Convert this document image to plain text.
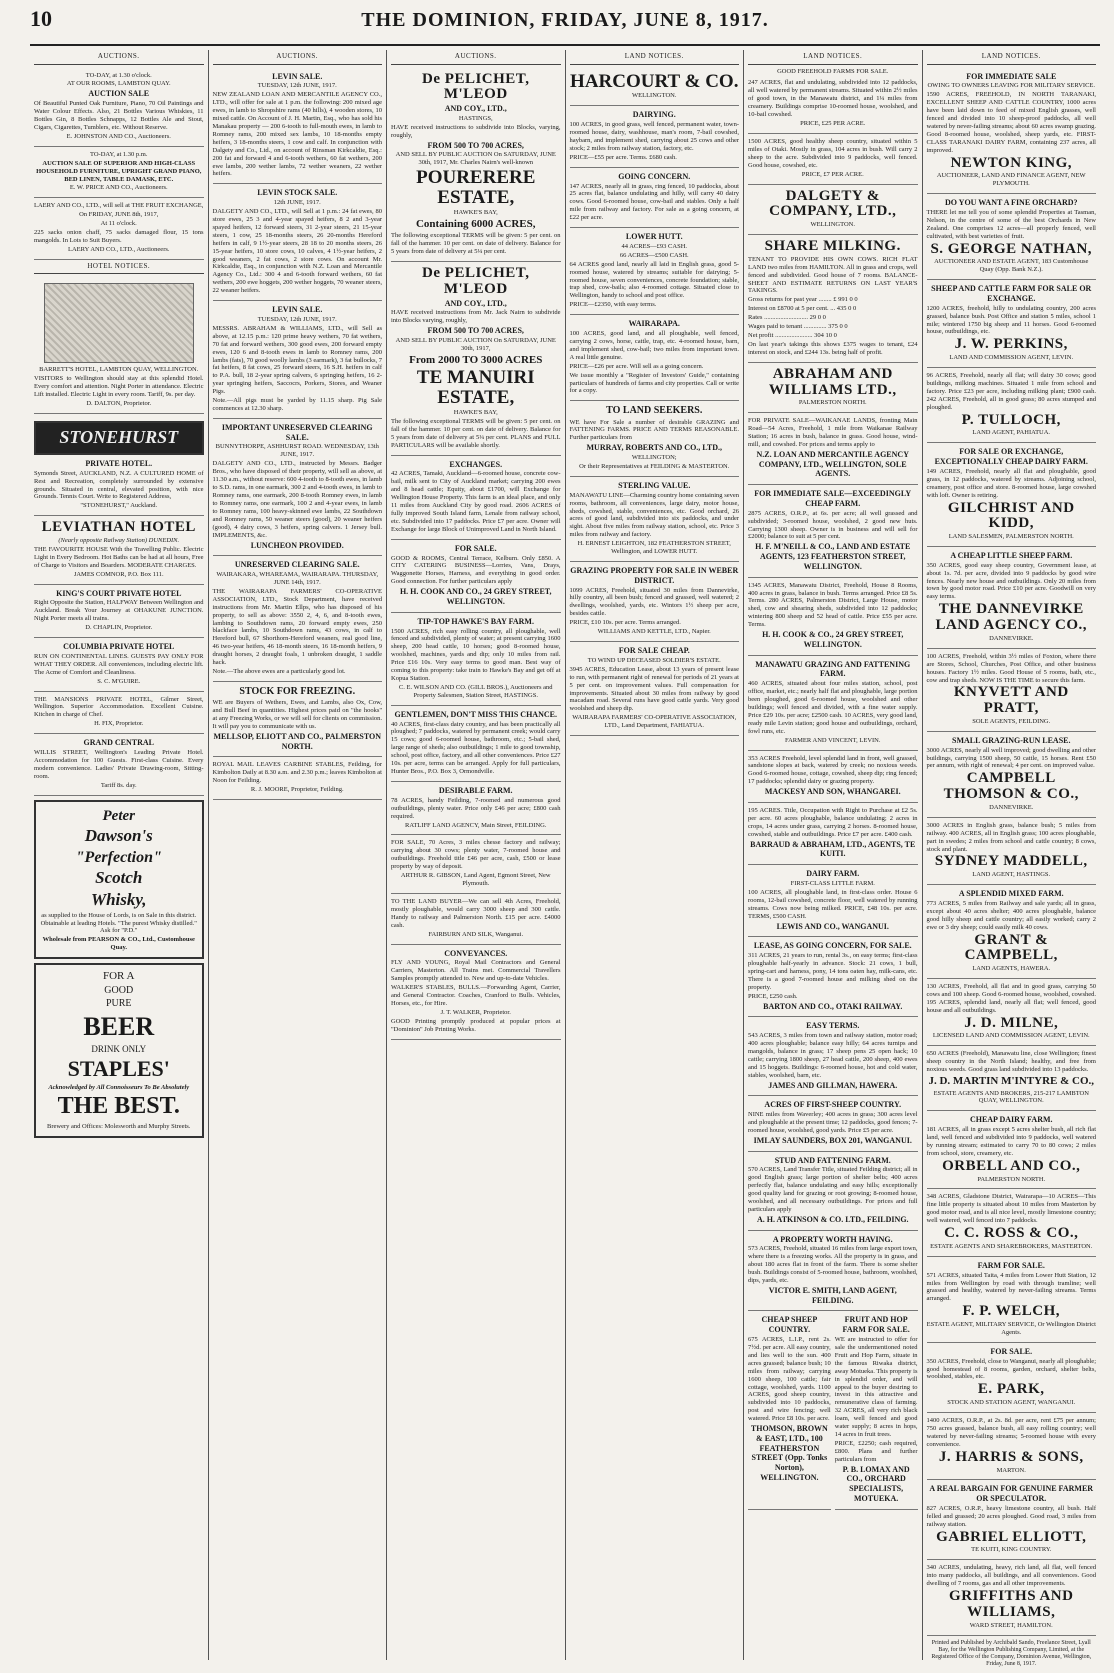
10	THE DOMINION, FRIDAY, JUNE 8, 1917.
AUCTIONS.

TO-DAY, at 1.30 o'clock.

AT OUR ROOMS, LAMBTON QUAY.

AUCTION SALE

Of Beautiful Punted Oak Furniture, Piano, 70 Oil Paintings and Water Colour Effects. Also, 21 Bottles Various Whiskies, 11 Bottles Gin, 8 Bottles Schnapps, 12 Bottles Ale and Stout, Cigars, Cigarettes, Tumblers, etc. Without Reserve.

E. JOHNSTON AND CO., Auctioneers.

TO-DAY, at 1.30 p.m.

AUCTION SALE OF SUPERIOR AND HIGH-CLASS HOUSEHOLD FURNITURE, UPRIGHT GRAND PIANO, BED LINEN, TABLE DAMASK, ETC.

E. W. PRICE AND CO., Auctioneers.

LAERY AND CO., LTD., will sell at THE FRUIT EXCHANGE,

On FRIDAY, JUNE 8th, 1917,

At 11 o'clock.

225 sacks onion chaff, 75 sacks damaged flour, 15 tons mangolds. In Lots to Suit Buyers.

LAERY AND CO., LTD., Auctioneers.

HOTEL NOTICES.

BARRETT'S HOTEL, LAMBTON QUAY, WELLINGTON.

VISITORS to Wellington should stay at this splendid Hotel. Every comfort and attention. Night Porter in attendance. Electric Lift installed. Electric Light in every room. Tariff, 9s. per day.

D. DALTON, Proprietor.

STONEHURST

PRIVATE HOTEL.

Symonds Street, AUCKLAND, N.Z. A CULTURED HOME of Rest and Recreation, completely surrounded by extensive grounds. Situated in central, elevated position, with nice Grounds. Tennis Court. Write to Registered Address,

"STONEHURST," Auckland.

LEVIATHAN HOTEL

(Nearly opposite Railway Station) DUNEDIN.

THE FAVOURITE HOUSE With the Travelling Public. Electric Light in Every Bedroom. Hot Baths can be had at all hours, Free of Charge to Visitors and Boarders. MODERATE CHARGES.

JAMES COMNOR, P.O. Box 111.

KING'S COURT PRIVATE HOTEL

Right Opposite the Station, HALFWAY Between Wellington and Auckland. Break Your Journey at OHAKUNE JUNCTION. Night Porter meets all trains.

D. CHAPLIN, Proprietor.

COLUMBIA PRIVATE HOTEL

RUN ON CONTINENTAL LINES. GUESTS PAY ONLY FOR WHAT THEY ORDER. All conveniences, including electric lift. The Acme of Comfort and Cleanliness.

S. C. M'GUIRE.

THE MANSIONS PRIVATE HOTEL, Gilmer Street, Wellington. Superior Accommodation. Excellent Cuisine. Kitchen in charge of Chef.

H. FIX, Proprietor.

GRAND CENTRAL

WILLIS STREET, Wellington's Leading Private Hotel. Accommodation for 100 Guests. First-class Cuisine. Every modern convenience. Ladies' Private Drawing-room, Sitting-room.

Tariff 8s. day.

Peter

Dawson's

"Perfection"

Scotch

Whisky,

as supplied to the House of Lords, is on Sale in this district. Obtainable at leading Hotels. "The purest Whisky distilled." Ask for "P.D."

Wholesale from PEARSON & CO., Ltd., Customhouse Quay.

FOR A

GOOD

PURE

BEER

DRINK ONLY

STAPLES'

Acknowledged by All Connoisseurs To Be Absolutely

THE BEST.

Brewery and Offices: Molesworth and Murphy Streets.

AUCTIONS.

LEVIN SALE.

TUESDAY, 12th JUNE, 1917.

NEW ZEALAND LOAN AND MERCANTILE AGENCY CO., LTD., will offer for sale at 1 p.m. the following: 200 mixed age ewes, in lamb to Shropshire rams (40 hills), 4 wooden stores, 10 mixed cattle. On Account of J. H. Martin, Esq., who has sold his Manakau property — 200 6-tooth to full-mouth ewes, in lamb to Romney rams, 200 mixed sex lambs, 10 18-months empty heifers, 3 18-months steers, 1 cow and calf. In conjunction with Dalgety and Co., Ltd., on account of Rinsman Kirkcaldie, Esq.: 200 fat and forward 4 and 6-tooth wethers, 60 fat wethers, 200 ewe lambs, 200 wether lambs, 72 wether weaners, 22 wether heifers.

LEVIN STOCK SALE.

12th JUNE, 1917.

DALGETY AND CO., LTD., will Sell at 1 p.m.: 24 fat ewes, 80 store ewes, 25 3 and 4-year spayed heifers, 8 2 and 3-year spayed heifers, 12 forward steers, 31 2-year steers, 21 15-year steers, 1 cow, 25 18-months steers, 26 20-months Hereford heifers in calf, 9 1½-year steers, 28 18 to 20 months steers, 26 15-year heifers, 10 store cows, 10 calves, 4 1½-year heifers, 2 good weaners, 2 fat cows, 2 store cows. On account Mr. Kirkcaldie, Esq., in conjunction with N.Z. Loan and Mercantile Agency Co., Ltd.: 300 4 and 6-tooth forward wethers, 60 fat wethers, 200 ewe hoggets, 200 wether hoggets, 70 weaner steers, 22 weaner heifers.

LEVIN SALE.

TUESDAY, 12th JUNE, 1917.

MESSRS. ABRAHAM & WILLIAMS, LTD., will Sell as above, at 12.15 p.m.: 120 prime heavy wethers, 70 fat wethers, 70 fat and forward wethers, 300 good ewes, 200 forward empty ewes, 120 6 and 8-tooth ewes in lamb to Romney rams, 200 lambs (fats), 70 good woolly lambs (3 earmark), 3 fat bullocks, 7 fat heifers, 8 fat cows, 25 forward steers, 16 S.H. heifers in calf to P.A. bull, 18 2-year spring calvers, 6 springing heifers, 16 2-year springing heifers, Saccocrs, Porkers, Stores, and Weaner Pigs.

Note.—All pigs must be yarded by 11.15 sharp. Pig Sale commences at 12.30 sharp.

IMPORTANT UNRESERVED CLEARING SALE.

BUNNYTHORPE, ASHHURST ROAD. WEDNESDAY, 13th JUNE, 1917.

DALGETY AND CO., LTD., instructed by Messrs. Badger Bros., who have disposed of their property, will sell as above, at 11.30 a.m., without reserve: 600 4-tooth to 8-tooth ewes, in lamb to S.D. rams, in one earmark, 300 2 and 4-tooth ewes, in lamb to Romney rams, one earmark, 200 8-tooth Romney ewes, in lamb to Romney rams, one earmark, 100 2 and 4-year ewes, in lamb to Romney rams, 100 heavy-skinned ewe lambs, 22 Southdown and Romney rams, 50 weaner steers (good), 20 weaner heifers (good), 4 dairy cows, 3 heifers, spring calvers. 1 Jersey bull. IMPLEMENTS, &c.

LUNCHEON PROVIDED.

UNRESERVED CLEARING SALE.

WAIRAKARA, WHAREAMA, WAIRARAPA. THURSDAY, JUNE 14th, 1917.

THE WAIRARAPA FARMERS' CO-OPERATIVE ASSOCIATION, LTD., Stock Department, have received instructions from Mr. Martin Ellps, who has disposed of his property, to sell as above: 3550 2, 4, 6, and 8-tooth ewes, lambing to Southdown rams, 20 forward empty ewes, 250 blackface lambs, 10 Southdown rams, 43 cows, in calf to Hereford bull, 67 Shorthorn-Hereford weaners, real good line, 46 two-year heifers, 46 18-month steers, 16 18-month heifers, 9 draught horses, 2 draught foals, 1 unbroken draught, 1 saddle hack.

Note.—The above ewes are a particularly good lot.

STOCK FOR FREEZING.

WE are Buyers of Wethers, Ewes, and Lambs, also Ox, Cow, and Bull Beef in quantities. Highest prices paid on "the hooks" at any Freezing Works, or we will sell for clients on commission. It will pay you to communicate with us.

MELLSOP, ELIOTT AND CO., PALMERSTON NORTH.

ROYAL MAIL LEAVES CARBINE STABLES, Feilding, for Kimbolton Daily at 8.30 a.m. and 2.30 p.m.; leaves Kimbolton at Noon for Feilding.

R. J. MOORE, Proprietor, Feilding.

AUCTIONS.

De PELICHET, M'LEOD

AND COY., LTD.,

HASTINGS,

HAVE received instructions to subdivide into Blocks, varying, roughly,

FROM 500 TO 700 ACRES,

AND SELL BY PUBLIC AUCTION On SATURDAY, JUNE 30th, 1917, Mr. Charles Nairn's well-known

POURERERE ESTATE,

HAWKE'S BAY,

Containing 6000 ACRES,

The following exceptional TERMS will be given: 5 per cent. on fall of the hammer. 10 per cent. on date of delivery. Balance for 5 years from date of delivery at 5¼ per cent.

De PELICHET, M'LEOD

AND COY., LTD.,

HAVE received instructions from Mr. Jack Nairn to subdivide into Blocks varying, roughly,

FROM 500 TO 700 ACRES,

AND SELL BY PUBLIC AUCTION On SATURDAY, JUNE 30th, 1917,

From 2000 TO 3000 ACRES

TE MANUIRI ESTATE,

HAWKE'S BAY,

The following exceptional TERMS will be given: 5 per cent. on fall of the hammer. 10 per cent. on date of delivery. Balance for 5 years from date of delivery at 5¼ per cent. PLANS and FULL PARTICULARS will be available shortly.

EXCHANGES.

42 ACRES, Tamaki, Auckland—6-roomed house, concrete cow-bail, milk sent to City of Auckland market; carrying 200 ewes and 8 head cattle; Equity, about £1700, will Exchange for Wellington House Property. This farm is an ideal place, and only 11 miles from Auckland City by good road. 2606 ACRES of fully improved South Island farm, Lenale from railway school, etc. Subdivided into 17 paddocks. Price £7 per acre. Owner will Exchange for large Block of Unimproved Land in North Island.

FOR SALE.

GOOD & ROOMS, Central Terrace, Kelburn. Only £850. A CITY CATERING BUSINESS—Lorries, Vans, Drays, Waggonette Horses, Harness, and everything in good order. Good connection. For further particulars apply

H. H. COOK AND CO., 24 GREY STREET, WELLINGTON.

TIP-TOP HAWKE'S BAY FARM.

1500 ACRES, rich easy rolling country, all ploughable, well fenced and subdivided, plenty of water; at present carrying 1600 sheep, 200 head cattle, 10 horses; good 8-roomed house, woolshed, machines, yards and dip; only 10 miles from rail. Price £16 10s. Very easy terms to good man. Best way of coming to this property: take train to Hawke's Bay and get off at Kopua Station.

C. E. WILSON AND CO. (GILL BROS.), Auctioneers and Property Salesmen, Station Street, HASTINGS.

GENTLEMEN, DON'T MISS THIS CHANCE.

40 ACRES, first-class dairy country, and has been practically all ploughed; 7 paddocks, watered by permanent creek; would carry 15 cows; good 6-roomed house, bathroom, etc.; 5-bail shed, large range of sheds; also outbuildings; 1 mile to good township, school, post office, factory, and all other conveniences. Price £27 10s. per acre, terms can be arranged. Apply for full particulars, Hunter Bros., P.O. Box 3, Ormondville.

DESIRABLE FARM.

78 ACRES, handy Feilding, 7-roomed and numerous good outbuildings, plenty water. Price only £46 per acre; £800 cash required.

RATLIFF LAND AGENCY, Main Street, FEILDING.

FOR SALE, 70 Acres, 3 miles chesse factory and railway; carrying about 30 cows; plenty water, 7-roomed house and outbuildings. Freehold title £46 per acre, cash, £500 or lease property by way of deposit.

ARTHUR R. GIBSON, Land Agent, Egmont Street, New Plymouth.

TO THE LAND BUYER—We can sell 4th Acres, Freehold, mostly ploughable, would carry 3000 sheep and 300 cattle. Handy to railway and Palmerston North. £15 per acre. £4000 cash.

FAIRBURN AND SILK, Wanganui.

CONVEYANCES.

FLY AND YOUNG, Royal Mail Contractors and General Carriers, Masterton. All Trains met. Commercial Travellers Samples promptly attended to. New and up-to-date Vehicles.

WALKER'S STABLES, BULLS.—Forwarding Agent, Carrier, and General Contractor. Coaches, Cranford to Bulls. Vehicles, Horses, etc., for Hire.

J. T. WALKER, Proprietor.

GOOD Printing promptly produced at popular prices at "Dominion" Job Printing Works.

LAND NOTICES.

HARCOURT & CO.

WELLINGTON.

DAIRYING.

100 ACRES, in good grass, well fenced, permanent water, town-roomed house, dairy, washhouse, man's room, 7-bail cowshed, haybarn, and implement shed, carrying about 25 cows and other stock; 2 miles from railway station, factory, etc.

PRICE—£55 per acre. Terms. £680 cash.

GOING CONCERN.

147 ACRES, nearly all in grass, ring fenced, 10 paddocks, about 25 acres flat, balance undulating and hilly, will carry 40 dairy cows. Good 6-roomed house, cow-bail and stables. Only a half mile from railway and factory. For sale as a going concern, at £22 per acre.

LOWER HUTT.

44 ACRES—£93 CASH.

66 ACRES—£500 CASH.

64 ACRES good land, nearly all laid in English grass, good 5-roomed house, watered by streams; suitable for dairying; 5-roomed house, seven conveniences, concrete foundation; stable, trap shed, cow-bails; also 4-roomed cottage. Situated close to Wellington, handy to school and post office.

PRICE—£2350, with easy terms.

WAIRARAPA.

100 ACRES, good land, and all ploughable, well fenced, carrying 2 cows, horse, cattle, trap, etc. 4-roomed house, barn, and implement shed, cow-bail; two miles from important town. A real little genuine.

PRICE—£26 per acre. Will sell as a going concern.

We issue monthly a "Register of Investors' Guide," containing particulars of hundreds of farms and city properties. Call or write for a copy.

TO LAND SEEKERS.

WE have For Sale a number of desirable GRAZING and FATTENING FARMS. PRICE AND TERMS REASONABLE. Further particulars from

MURRAY, ROBERTS AND CO., LTD.,

WELLINGTON;

Or their Representatives at FEILDING & MASTERTON.

STERLING VALUE.

MANAWATU LINE—Charming country home containing seven rooms, bathroom, all conveniences, large dairy, motor house, sheds, cowshed, stable, conveniences, etc. Good orchard, 26 acres of good land, subdivided into six paddocks, and under sight. About five miles from railway station, school, etc. Price 3 miles from railway and factory.

H. ERNEST LEIGHTON, 182 FEATHERSTON STREET, Wellington, and LOWER HUTT.

GRAZING PROPERTY FOR SALE IN WEBER DISTRICT.

1099 ACRES, Freehold, situated 30 miles from Dannevirke, hilly country, all been bush; fenced and grassed, well watered; 2 dwellings, woolshed, yards, etc. Wintors 1½ sheep per acre, besides cattle.

PRICE, £10 10s. per acre. Terms arranged.

WILLIAMS AND KETTLE, LTD., Napier.

FOR SALE CHEAP.

TO WIND UP DECEASED SOLDIER'S ESTATE.

3945 ACRES, Education Lease, about 13 years of present lease to run, with permanent right of renewal for periods of 21 years at 5 per cent. on improvement values. Full compensation for improvements. Situated about 30 miles from railway by good macadam road. Several runs have good cattle yards. Very good woolshed and sheep dip.

WAIRARAPA FARMERS' CO-OPERATIVE ASSOCIATION, LTD., Land Department, FAHIATUA.

LAND NOTICES.

GOOD FREEHOLD FARMS FOR SALE.

247 ACRES, flat and undulating, subdivided into 12 paddocks, all well watered by permanent streams. Situated within 2½ miles of good town, in the Manawatu district, and 1¼ miles from creamery. Buildings comprise 10-roomed house, woolshed, and 10-bail cowshed.

PRICE, £25 PER ACRE.

1500 ACRES, good healthy sheep country, situated within 5 miles of Otaki. Mostly in grass, 104 acres in bush. Will carry 2 sheep to the acre. Subdivided into 9 paddocks, well fenced. Good house, cowshed, etc.

PRICE, £7 PER ACRE.

DALGETY & COMPANY, LTD.,

WELLINGTON.

SHARE MILKING.

TENANT TO PROVIDE HIS OWN COWS. RICH FLAT LAND two miles from HAMILTON. All in grass and crops, well fenced and subdivided. Good house of 7 rooms. BALANCE-SHEET AND ESTIMATE RETURNS ON LAST YEAR'S TAKINGS.

Gross returns for past year ........ £ 991 0 0

Interest on £8700 at 5 per cent. ... 435 0 0

Rates ........................... 29 0 0

Wages paid to tenant .............. 375 0 0

Net profit ....................... 304 10 0

On last year's takings this shows £375 wages to tenant, £24 interest on stock, and £244 13s. being half of profit.

ABRAHAM AND WILLIAMS LTD.,

PALMERSTON NORTH.

FOR PRIVATE SALE—WAIKANAE LANDS, fronting Main Road—54 Acres, Freehold, 1 mile from Waikanae Railway Station; 16 acres in bush, balance in grass. Good house, wind-mill, and cowshed. For prices and terms apply to

N.Z. LOAN AND MERCANTILE AGENCY COMPANY, LTD., WELLINGTON, SOLE AGENTS.

FOR IMMEDIATE SALE—EXCEEDINGLY CHEAP FARM.

2875 ACRES, O.R.P., at 6s. per acre; all well grassed and subdivided; 3-roomed house, woolshed, 2 good new huts. Carrying 1300 sheep. Owner is in business and will sell for £2000; balance to suit at 5 per cent.

H. F. M'NEILL & CO., LAND AND ESTATE AGENTS, 123 FEATHERSTON STREET, WELLINGTON.

1345 ACRES, Manawatu District, Freehold, House 8 Rooms, 400 acres in grass, balance in bush. Terms arranged. Price £8 5s. Terms. 280 ACRES, Palmerston District, Large House, motor shed, cow and shearing sheds, subdivided into 12 paddocks; wintering 800 sheep and 52 head of cattle. Price £55 per acre. Terms.

H. H. COOK & CO., 24 GREY STREET, WELLINGTON.

MANAWATU GRAZING AND FATTENING FARM.

460 ACRES, situated about four miles station, school, post office, market, etc.; nearly half flat and ploughable, large portion been ploughed, good 6-roomed house, woolshed and other buildings; well fenced and divided, with a fine water supply. Price £29 10s. per acre; £2500 cash. 10 ACRES, very good land, ready mile Levin station; good house and outbuildings, orchard, fowl runs, etc.

FARMER AND VINCENT, LEVIN.

353 ACRES Freehold, level splendid land in front, well grassed, sandstone slopes at back, watered by creek; no noxious weeds. Good 6-roomed house, cottage, cowshed, sheep dip; ring fenced; 17 paddocks; splendid dairy or grazing property.

MACKESY AND SON, WHANGAREI.

195 ACRES. Title, Occupation with Right to Purchase at £2 5s. per acre. 60 acres ploughable, balance undulating; 2 acres in crops, 14 acres under grass, carrying 2 horses. 8-roomed house, cowshed, stable and outbuildings. Price £7 per acre. £400 cash.

BARRAUD & ABRAHAM, LTD., AGENTS, TE KUITI.

DAIRY FARM.

FIRST-CLASS LITTLE FARM.

100 ACRES, all ploughable land, in first-class order. House 6 rooms, 12-bail cowshed, concrete floor, well watered by running streams. Cows now being milked. PRICE, £48 10s. per acre. TERMS, £500 CASH.

LEWIS AND CO., WANGANUI.

LEASE, AS GOING CONCERN, FOR SALE.

311 ACRES, 21 years to run, rental 3s., on easy terms; first-class ploughable half-yearly in advance. Stock: 21 cows, 1 bull, spring-cart and harness, pony, 14 tons oaten hay, milk-cans, etc. There is a good 7-roomed house and milking shed on the property.

PRICE, £250 cash.

BARTON AND CO., OTAKI RAILWAY.

EASY TERMS.

543 ACRES, 3 miles from town and railway station, motor road; 400 acres ploughable; balance easy hilly; 64 acres turnips and mangolds, balance in grass; 17 sheep pens 25 open hack; 10 cattle; carrying 1800 sheep, 27 head cattle, 200 sheep, 400 ewes and 15 hoggets. Buildings: 6-roomed house, hot and cold water, stables, woolshed, barn, etc.

JAMES AND GILLMAN, HAWERA.

ACRES OF FIRST-SHEEP COUNTRY.

NINE miles from Waverley; 400 acres in grass; 300 acres level and ploughable at the present time; 12 paddocks, good fences; 7-roomed house, woolshed, good yards. Price £5 per acre.

IMLAY SAUNDERS, BOX 201, WANGANUI.

STUD AND FATTENING FARM.

570 ACRES, Land Transfer Title, situated Feilding district; all in good English grass; large portion of shelter belts; 400 acres perfectly flat, balance undulating and easy hills; exceptionally good quality land for grazing or root growing; 8-roomed house, woolshed, and all necessary outbuildings. For prices and full particulars apply

A. H. ATKINSON & CO. LTD., FEILDING.

A PROPERTY WORTH HAVING.

573 ACRES, Freehold, situated 16 miles from large export town, where there is a freezing works. All the property is in grass, and about 180 acres flat in front of the farm. There is some shelter bush. Buildings consist of 5-roomed house, bathroom, woolshed, dips, yards, etc.

VICTOR E. SMITH, LAND AGENT, FEILDING.

CHEAP SHEEP COUNTRY.

675 ACRES, L.I.P., rent 2s. 7½d. per acre. All easy country, and lies well to the sun. 400 acres grassed; balance bush; 10 miles from railway; carrying 1600 sheep, 100 cattle; fair cottage, woolshed, yards. 1100 ACRES, good sheep country, subdivided into 10 paddocks, post and wire fencing; well watered. Price £8 10s. per acre.

THOMSON, BROWN & EAST, LTD., 100 FEATHERSTON STREET (Opp. Tonks Norton), WELLINGTON.

FRUIT AND HOP FARM FOR SALE.

WE are instructed to offer for sale the undermentioned noted Fruit and Hop Farm, situate in the famous Riwaka district, away Motueka. This property is in splendid order, and will appeal to the buyer desiring to invest in this attractive and remunerative class of farming. 32 ACRES, all very rich black loam, well fenced and good water supply; 8 acres in hops, 14 acres in fruit trees.

PRICE, £2250; cash required, £800. Plans and further particulars from

P. B. LOMAX AND CO., ORCHARD SPECIALISTS, MOTUEKA.

LAND NOTICES.

FOR IMMEDIATE SALE

OWING TO OWNERS LEAVING FOR MILITARY SERVICE.

1590 ACRES, FREEHOLD, IN NORTH TARANAKI, EXCELLENT SHEEP AND CATTLE COUNTRY, 1000 acres have been laid down to feed of mixed English grasses, well fenced and divided into 10 sheep-proof paddocks, all well watered by never-failing streams; about 60 acres swamp grazing. Good 8-roomed house, woolshed, sheep yards, etc. FIRST-CLASS TARANAKI DAIRY FARM, containing 237 acres, all improved.

NEWTON KING,

AUCTIONEER, LAND AND FINANCE AGENT, NEW PLYMOUTH.

DO YOU WANT A FINE ORCHARD?

THERE let me tell you of some splendid Properties at Tasman, Nelson, in the centre of some of the best Orchards in New Zealand. One comprises 12 acres—all properly fenced, well cultivated, with best varieties of fruit.

S. GEORGE NATHAN,

AUCTIONEER AND ESTATE AGENT, 183 Customhouse Quay (Opp. Bank N.Z.).

SHEEP AND CATTLE FARM FOR SALE OR EXCHANGE.

1200 ACRES, freehold, hilly to undulating country, 200 acres grassed, balance bush. Post Office and station 5 miles, school 1 mile; wintered 1750 big sheep and 11 horses. Good 6-roomed house, outbuildings, etc.

J. W. PERKINS,

LAND AND COMMISSION AGENT, LEVIN.

96 ACRES, Freehold, nearly all flat; will dairy 30 cows; good buildings, milking machines. Situated 1 mile from school and factory. Price £23 per acre, including milking plant; £900 cash. 242 ACRES, Freehold, all in good grass; 80 acres stumped and ploughed.

P. TULLOCH,

LAND AGENT, PAHIATUA.

FOR SALE OR EXCHANGE, EXCEPTIONALLY CHEAP DAIRY FARM.

149 ACRES, Freehold, nearly all flat and ploughable, good grass, in 12 paddocks, watered by streams. Adjoining school, creamery, post office and store. 8-roomed house, large cowshed with loft. Owner is retiring.

GILCHRIST AND KIDD,

LAND SALESMEN, PALMERSTON NORTH.

A CHEAP LITTLE SHEEP FARM.

350 ACRES, good easy sheep country, Government lease, at about 1s. 7d. per acre, divided into 9 paddocks by good wire fences. Nearly new house and outbuildings. Only 20 miles from town by good motor road. Price £10 per acre. Goodwill on very easy terms.

THE DANNEVIRKE LAND AGENCY CO.,

DANNEVIRKE.

100 ACRES, Freehold, within 3½ miles of Foxton, where there are Stores, School, Churches, Post Office, and other business houses. Factory 1½ miles. Good House of 5 rooms, bath, etc., cow and trap sheds. NOW IS THE TIME to secure this farm.

KNYVETT AND PRATT,

SOLE AGENTS, FEILDING.

SMALL GRAZING-RUN LEASE.

3000 ACRES, nearly all well improved; good dwelling and other buildings, carrying 1500 sheep, 50 cattle, 15 horses. Rent £50 per annum, with right of renewal; 4 per cent. on improved value.

CAMPBELL THOMSON & CO.,

DANNEVIRKE.

3000 ACRES in English grass, balance bush; 5 miles from railway. 400 ACRES, all in English grass; 100 acres ploughable, part in swedes; 2 miles from school and cattle country; 8 cows, stock and plant.

SYDNEY MADDELL,

LAND AGENT, HASTINGS.

A SPLENDID MIXED FARM.

773 ACRES, 5 miles from Railway and sale yards; all in grass, except about 40 acres shelter; 400 acres ploughable, balance good hilly sheep and cattle country; all easily worked; carry 2 ewe or 3 dry sheep; could easily milk 40 cows.

GRANT & CAMPBELL,

LAND AGENTS, HAWERA.

130 ACRES, Freehold, all flat and in good grass, carrying 50 cows and 100 sheep. Good 6-roomed house, woolshed, cowshed. 195 ACRES, splendid land, nearly all flat; well fenced, good house and all outbuildings.

J. D. MILNE,

LICENSED LAND AND COMMISSION AGENT, LEVIN.

650 ACRES (Freehold), Manawatu line, close Wellington; finest sheep country in the North Island; healthy, and free from noxious weeds. Good grass land subdivided into 13 paddocks.

J. D. MARTIN M'INTYRE & CO.,

ESTATE AGENTS AND BROKERS, 215-217 LAMBTON QUAY, WELLINGTON.

CHEAP DAIRY FARM.

181 ACRES, all in grass except 5 acres shelter bush, all rich flat land, well fenced and subdivided into 9 paddocks, well watered by running stream; estimated to carry 70 to 80 cows; 2 miles from school, store, creamery, etc.

ORBELL AND CO.,

PALMERSTON NORTH.

348 ACRES, Gladstone District, Wairarapa—10 ACRES—This fine little property is situated about 10 miles from Masterton by good motor road, and is all nice level, mostly limestone country; well watered, well fenced into 7 paddocks.

C. C. ROSS & CO.,

ESTATE AGENTS AND SHAREBROKERS, MASTERTON.

FARM FOR SALE.

571 ACRES, situated Taita, 4 miles from Lower Hutt Station, 12 miles from Wellington by road with through tramline; well grassed and healthy, watered by never-failing streams. Terms arranged.

F. P. WELCH,

ESTATE AGENT, MILITARY SERVICE, Or Wellington District Agents.

FOR SALE.

350 ACRES, Freehold, close to Wanganui, nearly all ploughable; good homestead of 8 rooms, garden, orchard, shelter belts, woolshed, stables, etc.

E. PARK,

STOCK AND STATION AGENT, WANGANUI.

1400 ACRES, O.R.P., at 2s. 8d. per acre, rent £75 per annum; 750 acres grassed, balance bush, all easy rolling country; well watered by never-failing streams; 5-roomed house with every convenience.

J. HARRIS & SONS,

MARTON.

A REAL BARGAIN FOR GENUINE FARMER OR SPECULATOR.

827 ACRES, O.R.P., heavy limestone country, all bush. Half felled and grassed; 20 acres ploughed. Good road, 3 miles from railway station.

GABRIEL ELLIOTT,

TE KUITI, KING COUNTRY.

340 ACRES, undulating, heavy, rich land, all flat, well fenced into many paddocks, all buildings, and all conveniences. Good dwelling of 7 rooms, gas and all other improvements.

GRIFFITHS AND WILLIAMS,

WARD STREET, HAMILTON.

Printed and Published by Archibald Sando, Freelance Street, Lyall Bay, for the Wellington Publishing Company, Limited, at the Registered Office of the Company, Dominion Avenue, Wellington, Friday, June 8, 1917.
